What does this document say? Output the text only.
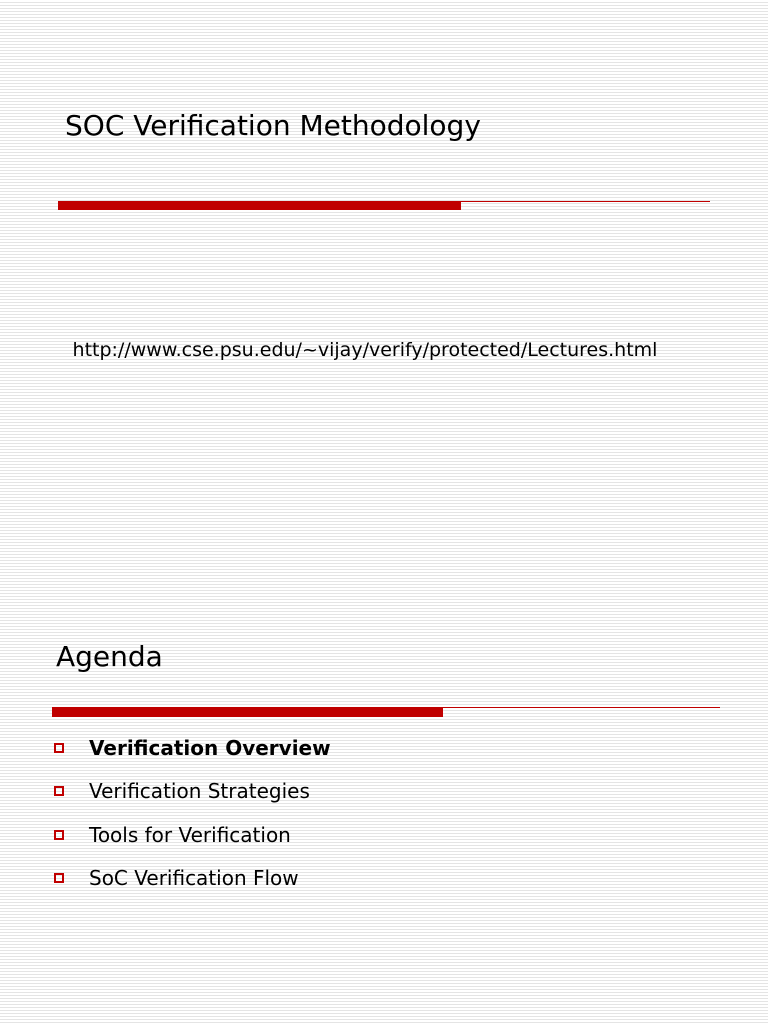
SOC Verification Methodology
http://www.cse.psu.edu/~vijay/verify/protected/Lectures.html
Agenda
Verification Overview
Verification Strategies
Tools for Verification
SoC Verification Flow
